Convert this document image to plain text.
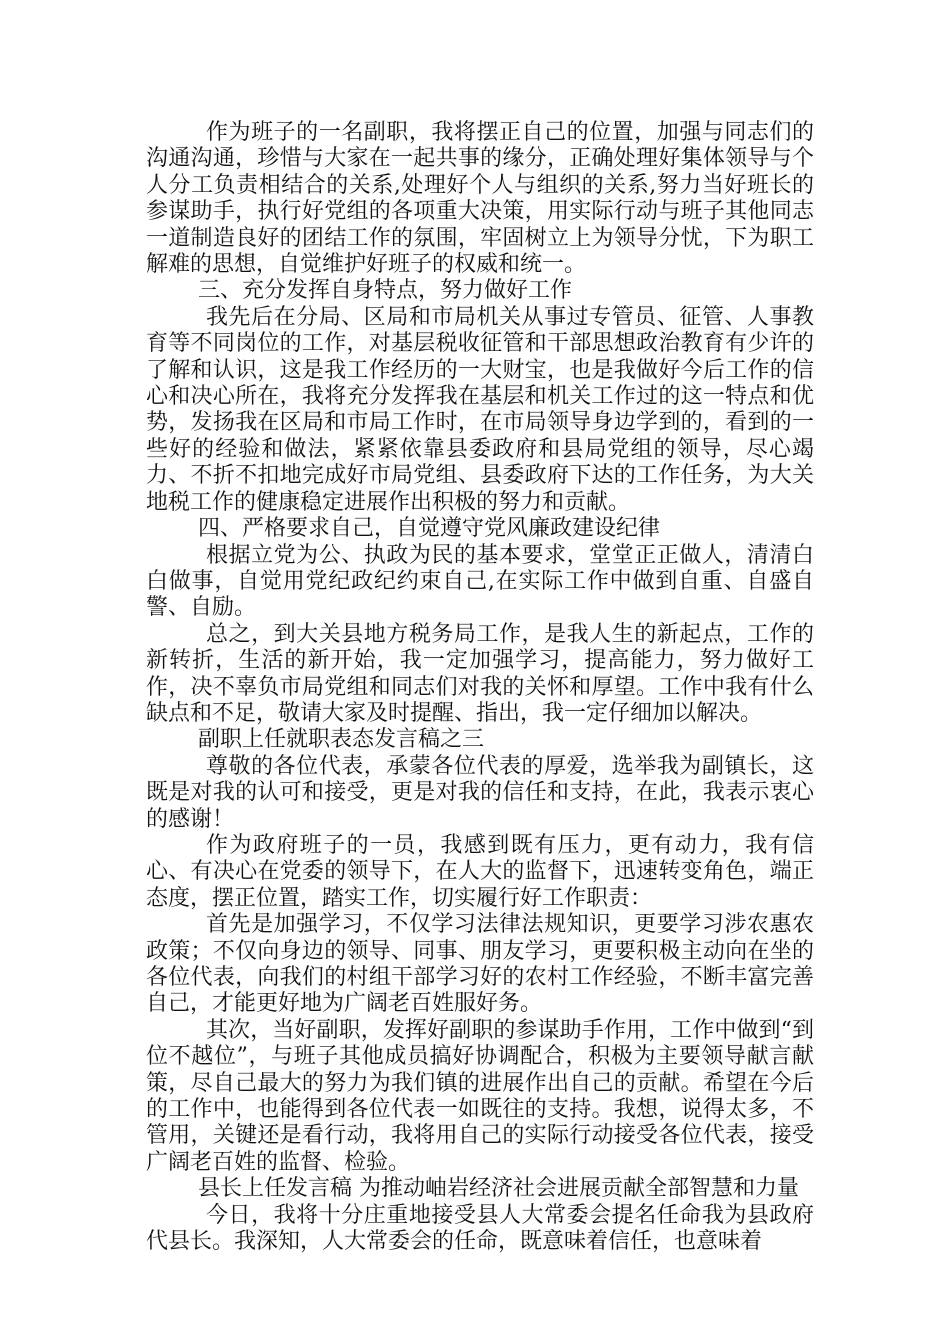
作为班子的一名副职，我将摆正自己的位置，加强与同志们的沟通沟通，珍惜与大家在一起共事的缘分，正确处理好集体领导与个人分工负责相结合的关系,处理好个人与组织的关系,努力当好班长的参谋助手，执行好党组的各项重大决策，用实际行动与班子其他同志一道制造良好的团结工作的氛围，牢固树立上为领导分忧，下为职工解难的思想，自觉维护好班子的权威和统一。

三、充分发挥自身特点，努力做好工作

我先后在分局、区局和市局机关从事过专管员、征管、人事教育等不同岗位的工作，对基层税收征管和干部思想政治教育有少许的了解和认识，这是我工作经历的一大财宝，也是我做好今后工作的信心和决心所在，我将充分发挥我在基层和机关工作过的这一特点和优势，发扬我在区局和市局工作时，在市局领导身边学到的，看到的一些好的经验和做法，紧紧依靠县委政府和县局党组的领导，尽心竭力、不折不扣地完成好市局党组、县委政府下达的工作任务，为大关地税工作的健康稳定进展作出积极的努力和贡献。

四、严格要求自己，自觉遵守党风廉政建设纪律

根据立党为公、执政为民的基本要求，堂堂正正做人，清清白白做事，自觉用党纪政纪约束自己,在实际工作中做到自重、自盛自警、自励。

总之，到大关县地方税务局工作，是我人生的新起点，工作的新转折，生活的新开始，我一定加强学习，提高能力，努力做好工作，决不辜负市局党组和同志们对我的关怀和厚望。工作中我有什么缺点和不足，敬请大家及时提醒、指出，我一定仔细加以解决。

副职上任就职表态发言稿之三

尊敬的各位代表，承蒙各位代表的厚爱，选举我为副镇长，这既是对我的认可和接受，更是对我的信任和支持，在此，我表示衷心的感谢！

作为政府班子的一员，我感到既有压力，更有动力，我有信心、有决心在党委的领导下，在人大的监督下，迅速转变角色，端正态度，摆正位置，踏实工作，切实履行好工作职责：

首先是加强学习，不仅学习法律法规知识，更要学习涉农惠农政策；不仅向身边的领导、同事、朋友学习，更要积极主动向在坐的各位代表，向我们的村组干部学习好的农村工作经验，不断丰富完善自己，才能更好地为广阔老百姓服好务。

其次，当好副职，发挥好副职的参谋助手作用，工作中做到“到位不越位”，与班子其他成员搞好协调配合，积极为主要领导献言献策，尽自己最大的努力为我们镇的进展作出自己的贡献。希望在今后的工作中，也能得到各位代表一如既往的支持。我想，说得太多，不管用，关键还是看行动，我将用自己的实际行动接受各位代表，接受广阔老百姓的监督、检验。

县长上任发言稿 为推动岫岩经济社会进展贡献全部智慧和力量

今日，我将十分庄重地接受县人大常委会提名任命我为县政府代县长。我深知，人大常委会的任命，既意味着信任，也意味着
